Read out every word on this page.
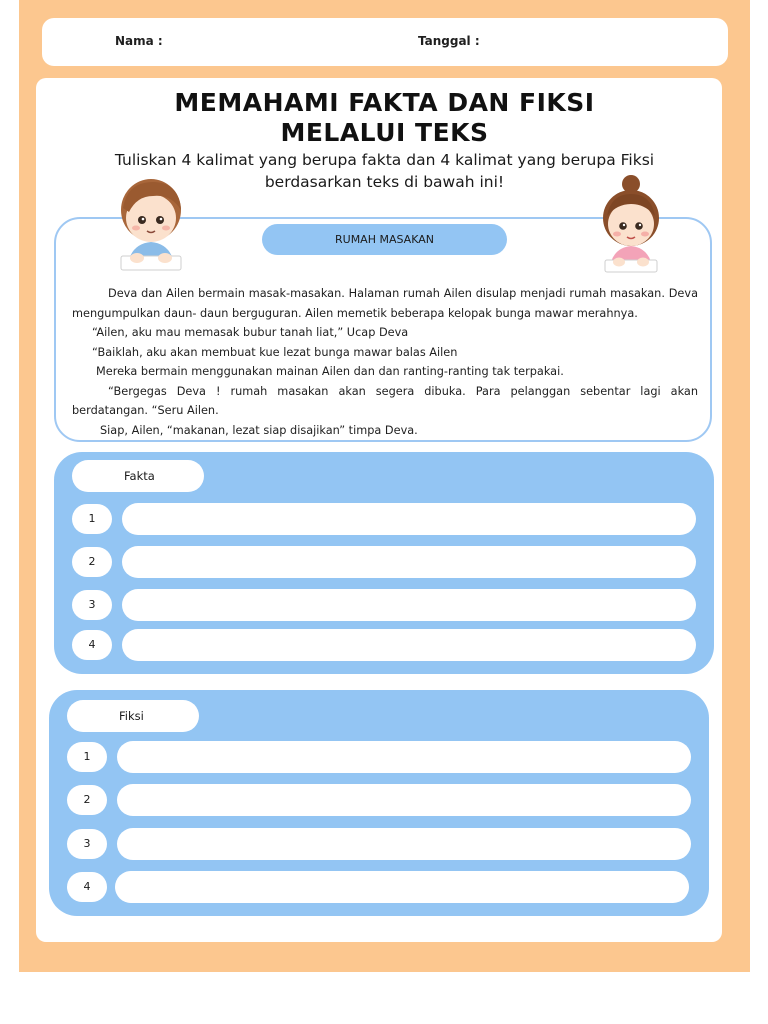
Nama :	Tanggal :
MEMAHAMI FAKTA DAN FIKSI
MELALUI TEKS
Tuliskan 4 kalimat yang berupa fakta dan 4 kalimat yang berupa Fiksi
berdasarkan teks di bawah ini!
RUMAH MASAKAN

Deva dan Ailen bermain masak-masakan. Halaman rumah Ailen disulap menjadi rumah masakan. Deva mengumpulkan daun- daun berguguran. Ailen memetik beberapa kelopak bunga mawar merahnya.

“Ailen, aku mau memasak bubur tanah liat,” Ucap Deva

“Baiklah, aku akan membuat kue lezat bunga mawar balas Ailen

Mereka bermain menggunakan mainan Ailen dan dan ranting-ranting tak terpakai.

“Bergegas Deva ! rumah masakan akan segera dibuka. Para pelanggan sebentar lagi akan berdatangan. “Seru Ailen.

Siap, Ailen, “makanan, lezat siap disajikan” timpa Deva.

Fakta
1
2
3
4
Fiksi
1
2
3
4
